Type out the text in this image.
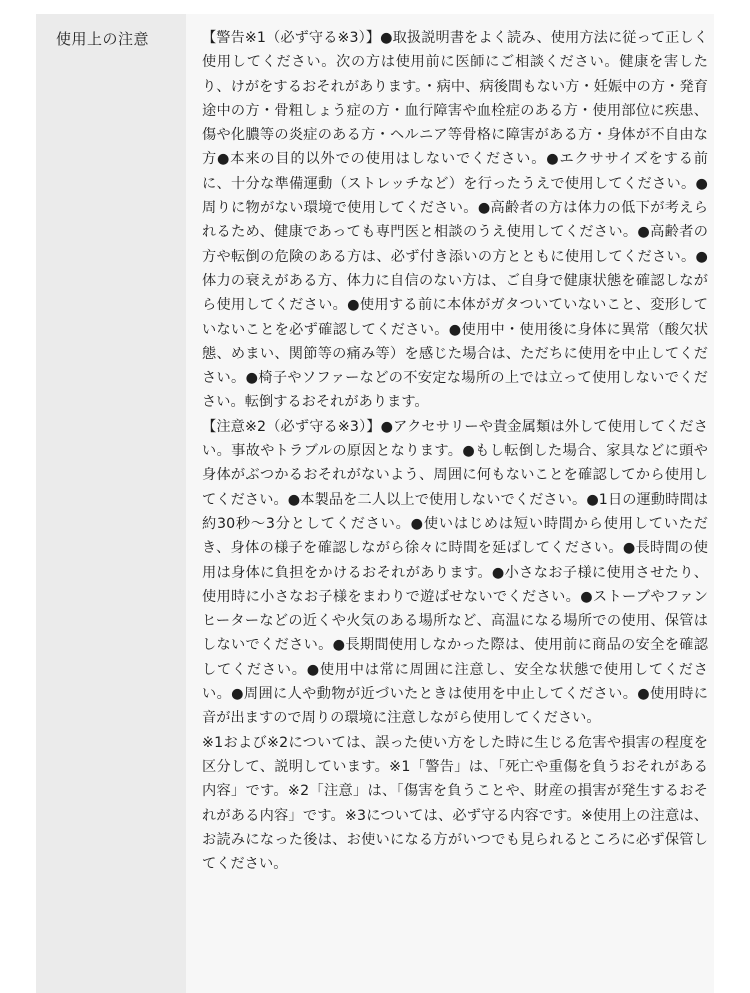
使用上の注意	【警告※1（必ず守る※3）】●取扱説明書をよく読み、使用方法に従って正しく使用してください。次の方は使用前に医師にご相談ください。健康を害したり、けがをするおそれがあります。・病中、病後間もない方・妊娠中の方・発育途中の方・骨粗しょう症の方・血行障害や血栓症のある方・使用部位に疾患、傷や化膿等の炎症のある方・ヘルニア等骨格に障害がある方・身体が不自由な方●本来の目的以外での使用はしないでください。●エクササイズをする前に、十分な準備運動（ストレッチなど）を行ったうえで使用してください。●周りに物がない環境で使用してください。●高齢者の方は体力の低下が考えられるため、健康であっても専門医と相談のうえ使用してください。●高齢者の方や転倒の危険のある方は、必ず付き添いの方とともに使用してください。●体力の衰えがある方、体力に自信のない方は、ご自身で健康状態を確認しながら使用してください。●使用する前に本体がガタついていないこと、変形していないことを必ず確認してください。●使用中・使用後に身体に異常（酸欠状態、めまい、関節等の痛み等）を感じた場合は、ただちに使用を中止してください。●椅子やソファーなどの不安定な場所の上では立って使用しないでください。転倒するおそれがあります。

【注意※2（必ず守る※3）】●アクセサリーや貴金属類は外して使用してください。事故やトラブルの原因となります。●もし転倒した場合、家具などに頭や身体がぶつかるおそれがないよう、周囲に何もないことを確認してから使用してください。●本製品を二人以上で使用しないでください。●1日の運動時間は約30秒～3分としてください。●使いはじめは短い時間から使用していただき、身体の様子を確認しながら徐々に時間を延ばしてください。●長時間の使用は身体に負担をかけるおそれがあります。●小さなお子様に使用させたり、使用時に小さなお子様をまわりで遊ばせないでください。●ストーブやファンヒーターなどの近くや火気のある場所など、高温になる場所での使用、保管はしないでください。●長期間使用しなかった際は、使用前に商品の安全を確認してください。●使用中は常に周囲に注意し、安全な状態で使用してください。●周囲に人や動物が近づいたときは使用を中止してください。●使用時に音が出ますので周りの環境に注意しながら使用してください。

※1および※2については、誤った使い方をした時に生じる危害や損害の程度を区分して、説明しています。※1「警告」は、「死亡や重傷を負うおそれがある内容」です。※2「注意」は、「傷害を負うことや、財産の損害が発生するおそれがある内容」です。※3については、必ず守る内容です。※使用上の注意は、お読みになった後は、お使いになる方がいつでも見られるところに必ず保管してください。
